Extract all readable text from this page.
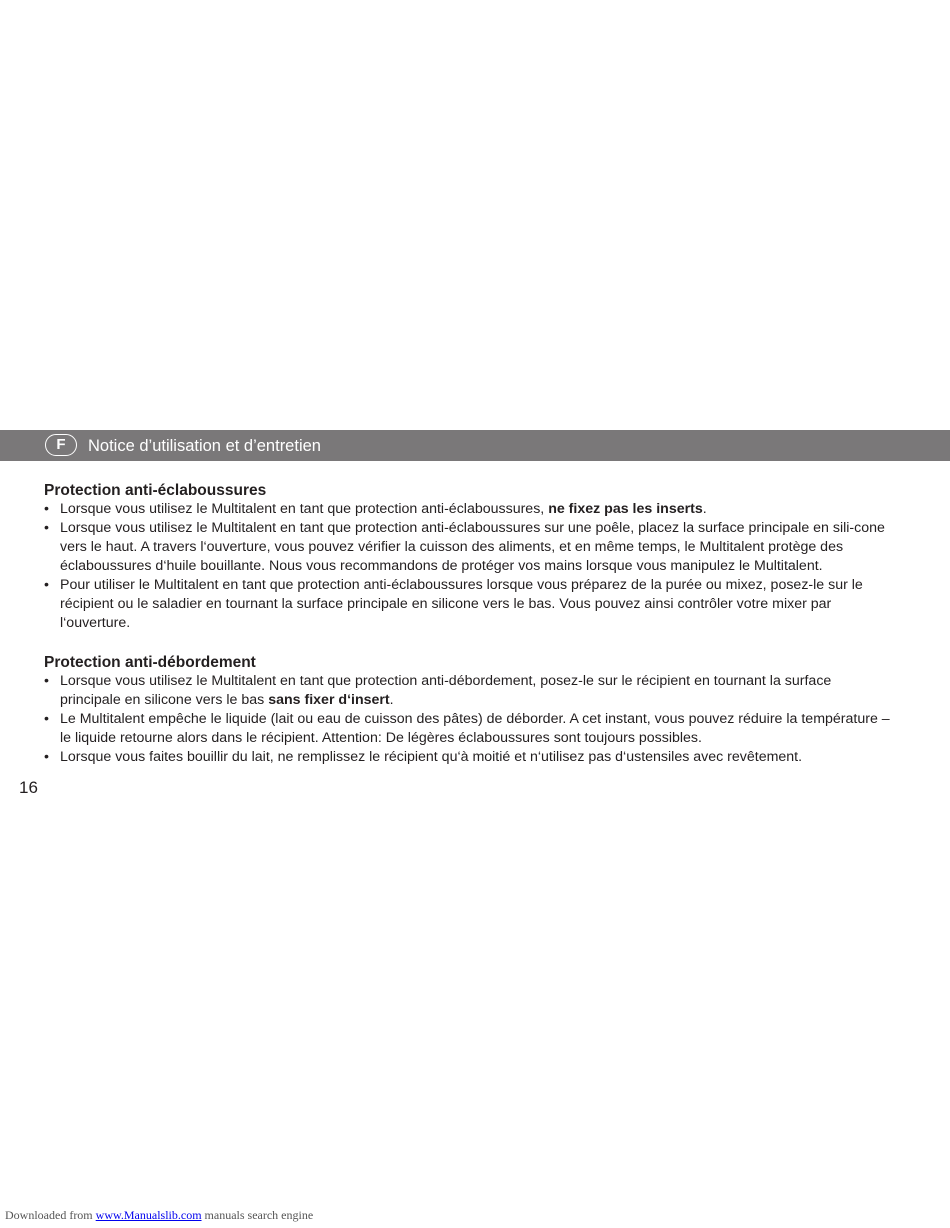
F	Notice d’utilisation et d’entretien
Protection anti-éclaboussures
• Lorsque vous utilisez le Multitalent en tant que protection anti-éclaboussures, ne fixez pas les inserts.
• Lorsque vous utilisez le Multitalent en tant que protection anti-éclaboussures sur une poêle, placez la surface principale en sili-cone vers le haut. A travers l‘ouverture, vous pouvez vérifier la cuisson des aliments, et en même temps, le Multitalent protège des éclaboussures d‘huile bouillante. Nous vous recommandons de protéger vos mains lorsque vous manipulez le Multitalent.
• Pour utiliser le Multitalent en tant que protection anti-éclaboussures lorsque vous préparez de la purée ou mixez, posez-le sur le récipient ou le saladier en tournant la surface principale en silicone vers le bas. Vous pouvez ainsi contrôler votre mixer par l‘ouverture.
Protection anti-débordement
• Lorsque vous utilisez le Multitalent en tant que protection anti-débordement, posez-le sur le récipient en tournant la surface principale en silicone vers le bas sans fixer d‘insert.
• Le Multitalent empêche le liquide (lait ou eau de cuisson des pâtes) de déborder. A cet instant, vous pouvez réduire la température – le liquide retourne alors dans le récipient. Attention: De légères éclaboussures sont toujours possibles.
• Lorsque vous faites bouillir du lait, ne remplissez le récipient qu‘à moitié et n‘utilisez pas d‘ustensiles avec revêtement.
16
Downloaded from www.Manualslib.com manuals search engine
